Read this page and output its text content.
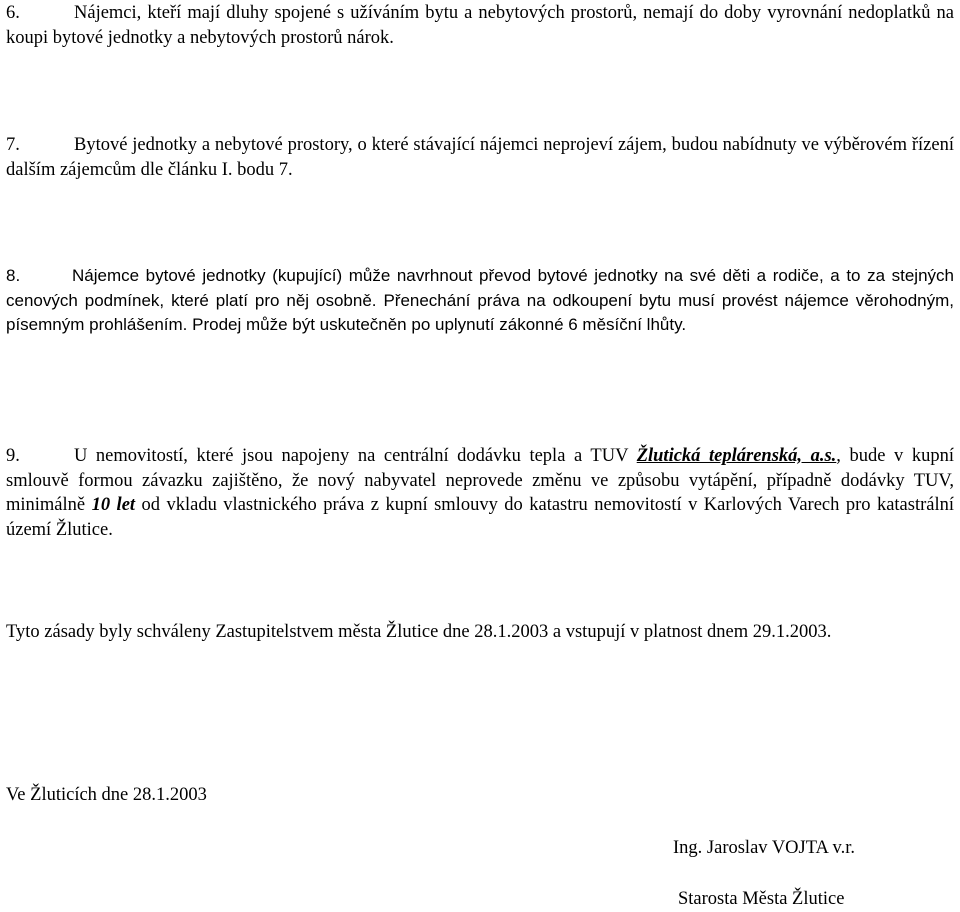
6.	Nájemci, kteří mají dluhy spojené s užíváním bytu a nebytových prostorů, nemají do doby vyrovnání nedoplatků na koupi bytové jednotky a nebytových prostorů nárok.

7.	Bytové jednotky a nebytové prostory, o které stávající nájemci neprojeví zájem, budou nabídnuty ve výběrovém řízení dalším zájemcům dle článku I. bodu 7.

8.	Nájemce bytové jednotky (kupující) může navrhnout převod bytové jednotky na své děti a rodiče, a to za stejných cenových podmínek, které platí pro něj osobně. Přenechání práva na odkoupení bytu musí provést nájemce věrohodným, písemným prohlášením. Prodej může být uskutečněn po uplynutí zákonné 6 měsíční lhůty.

9.	U nemovitostí, které jsou napojeny na centrální dodávku tepla a TUV Žlutická teplárenská, a.s., bude v kupní smlouvě formou závazku zajištěno, že nový nabyvatel neprovede změnu ve způsobu vytápění, případně dodávky TUV, minimálně 10 let od vkladu vlastnického práva z kupní smlouvy do katastru nemovitostí v Karlových Varech pro katastrální území Žlutice.

Tyto zásady byly schváleny Zastupitelstvem města Žlutice dne 28.1.2003 a vstupují v platnost dnem 29.1.2003.

Ve Žluticích dne 28.1.2003

Ing. Jaroslav VOJTA v.r.

Starosta Města Žlutice
